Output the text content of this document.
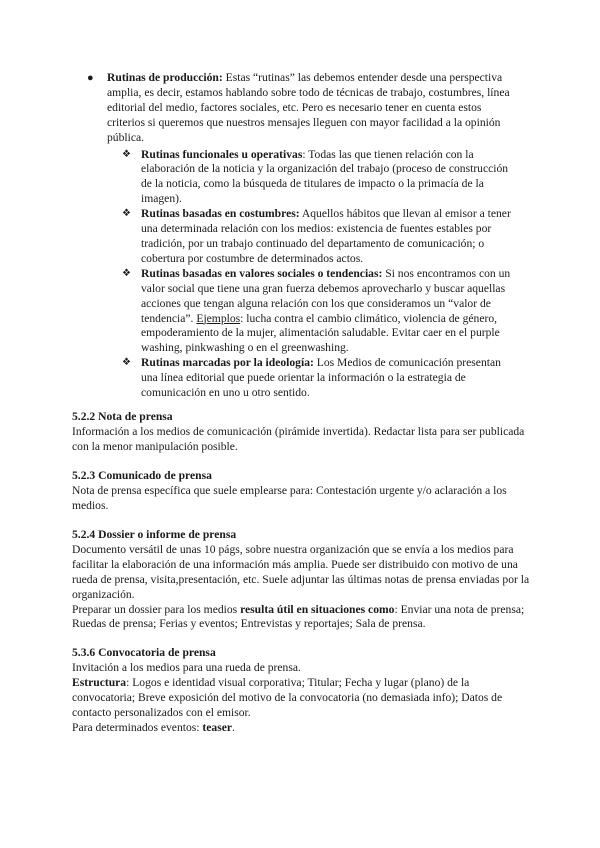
● Rutinas de producción: Estas “rutinas” las debemos entender desde una perspectiva amplia, es decir, estamos hablando sobre todo de técnicas de trabajo, costumbres, línea editorial del medio, factores sociales, etc. Pero es necesario tener en cuenta estos criterios si queremos que nuestros mensajes lleguen con mayor facilidad a la opinión pública.

❖ Rutinas funcionales u operativas: Todas las que tienen relación con la elaboración de la noticia y la organización del trabajo (proceso de construcción de la noticia, como la búsqueda de titulares de impacto o la primacía de la imagen).
❖ Rutinas basadas en costumbres: Aquellos hábitos que llevan al emisor a tener una determinada relación con los medios: existencia de fuentes estables por tradición, por un trabajo continuado del departamento de comunicación; o cobertura por costumbre de determinados actos.
❖ Rutinas basadas en valores sociales o tendencias: Si nos encontramos con un valor social que tiene una gran fuerza debemos aprovecharlo y buscar aquellas acciones que tengan alguna relación con los que consideramos un “valor de tendencia”. Ejemplos: lucha contra el cambio climático, violencia de género, empoderamiento de la mujer, alimentación saludable. Evitar caer en el purple washing, pinkwashing o en el greenwashing.
❖ Rutinas marcadas por la ideología: Los Medios de comunicación presentan una línea editorial que puede orientar la información o la estrategia de comunicación en uno u otro sentido.

5.2.2 Nota de prensa

Información a los medios de comunicación (pirámide invertida). Redactar lista para ser publicada con la menor manipulación posible.

5.2.3 Comunicado de prensa

Nota de prensa específica que suele emplearse para: Contestación urgente y/o aclaración a los medios.

5.2.4 Dossier o informe de prensa

Documento versátil de unas 10 págs, sobre nuestra organización que se envía a los medios para facilitar la elaboración de una información más amplia. Puede ser distribuido con motivo de una rueda de prensa, visita,presentación, etc. Suele adjuntar las últimas notas de prensa enviadas por la organización.

Preparar un dossier para los medios resulta útil en situaciones como: Enviar una nota de prensa; Ruedas de prensa; Ferias y eventos; Entrevistas y reportajes; Sala de prensa.

5.3.6 Convocatoria de prensa

Invitación a los medios para una rueda de prensa.

Estructura: Logos e identidad visual corporativa; Titular; Fecha y lugar (plano) de la convocatoria; Breve exposición del motivo de la convocatoria (no demasiada info); Datos de contacto personalizados con el emisor.

Para determinados eventos: teaser.
